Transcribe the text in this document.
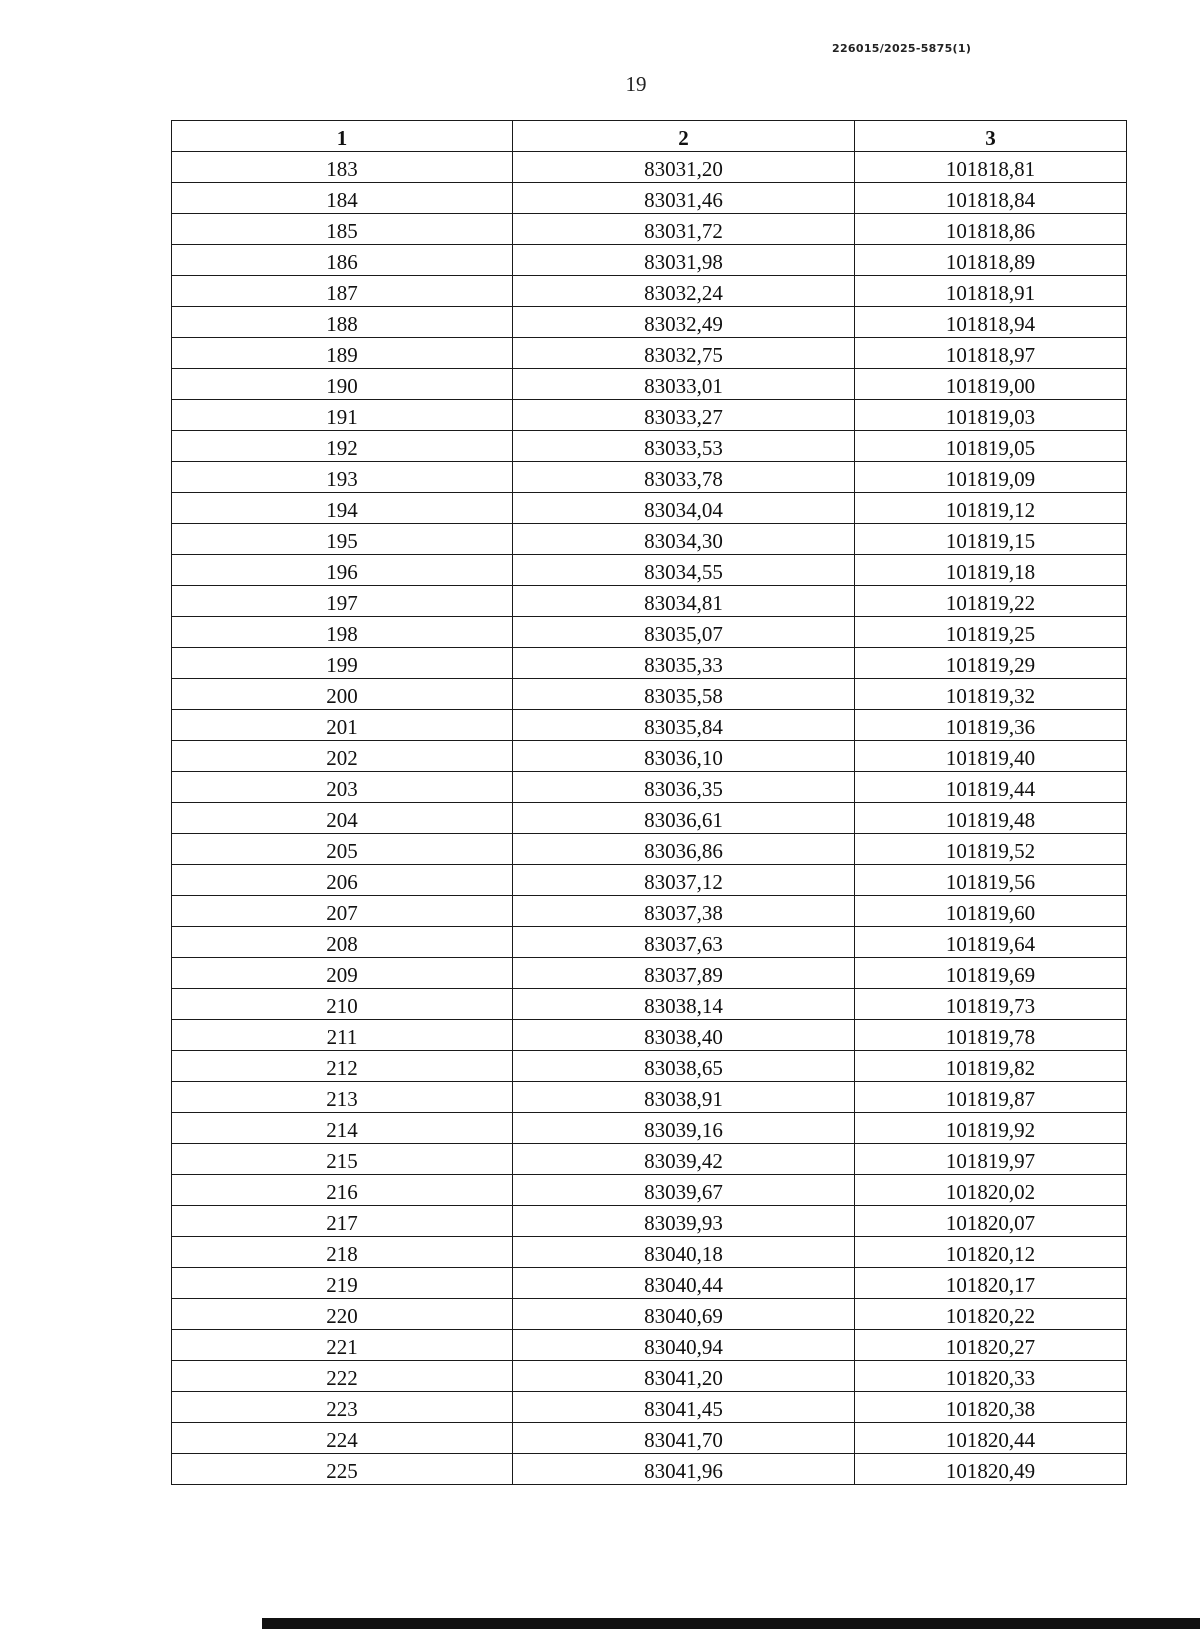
226015/2025-5875(1)
19
1	2	3
183	83031,20	101818,81
184	83031,46	101818,84
185	83031,72	101818,86
186	83031,98	101818,89
187	83032,24	101818,91
188	83032,49	101818,94
189	83032,75	101818,97
190	83033,01	101819,00
191	83033,27	101819,03
192	83033,53	101819,05
193	83033,78	101819,09
194	83034,04	101819,12
195	83034,30	101819,15
196	83034,55	101819,18
197	83034,81	101819,22
198	83035,07	101819,25
199	83035,33	101819,29
200	83035,58	101819,32
201	83035,84	101819,36
202	83036,10	101819,40
203	83036,35	101819,44
204	83036,61	101819,48
205	83036,86	101819,52
206	83037,12	101819,56
207	83037,38	101819,60
208	83037,63	101819,64
209	83037,89	101819,69
210	83038,14	101819,73
211	83038,40	101819,78
212	83038,65	101819,82
213	83038,91	101819,87
214	83039,16	101819,92
215	83039,42	101819,97
216	83039,67	101820,02
217	83039,93	101820,07
218	83040,18	101820,12
219	83040,44	101820,17
220	83040,69	101820,22
221	83040,94	101820,27
222	83041,20	101820,33
223	83041,45	101820,38
224	83041,70	101820,44
225	83041,96	101820,49
